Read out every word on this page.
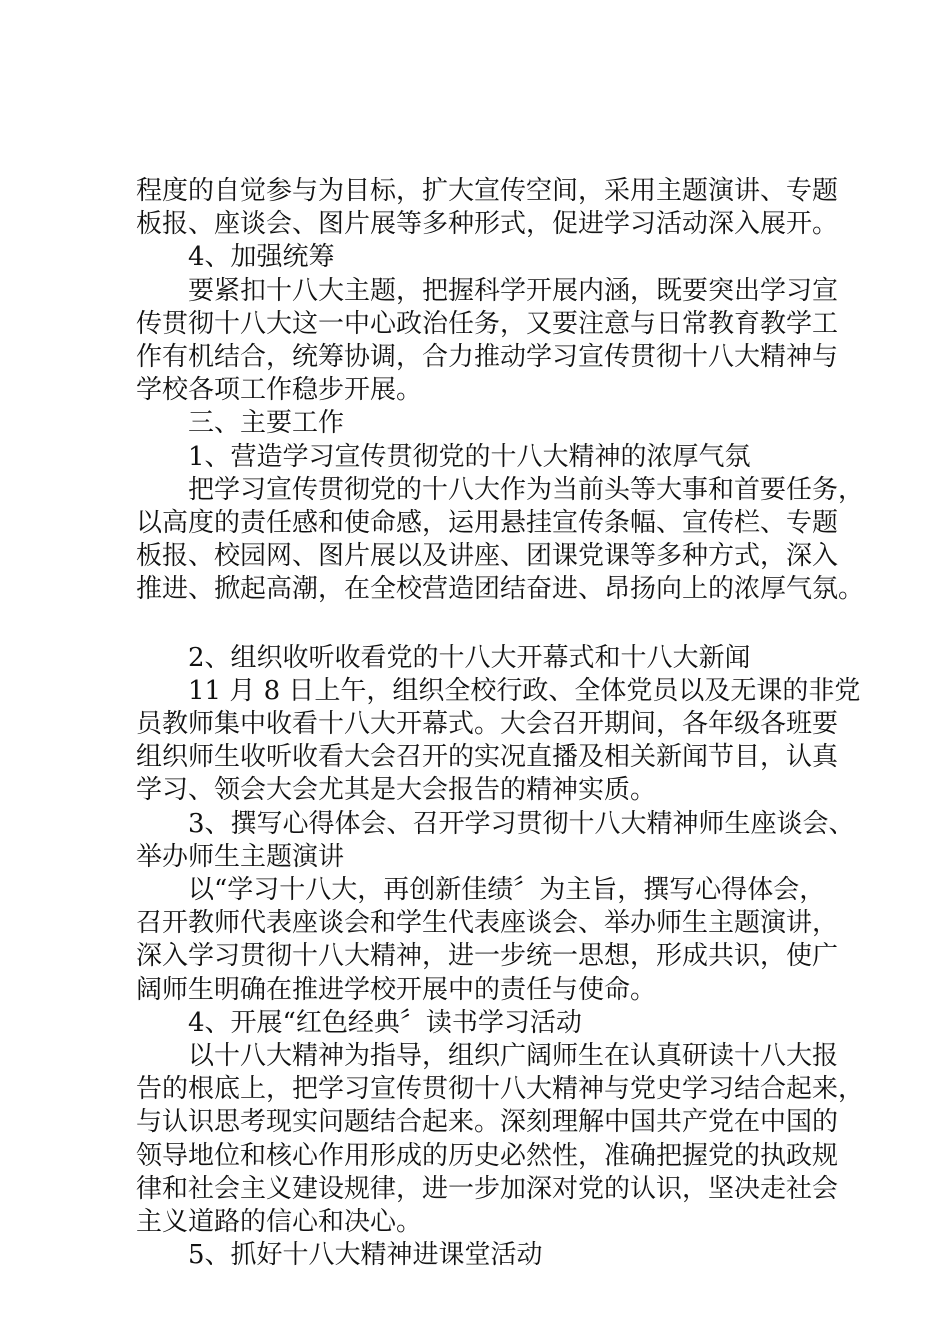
程度的自觉参与为目标，扩大宣传空间，采用主题演讲、专题
板报、座谈会、图片展等多种形式，促进学习活动深入展开。
4、加强统筹
要紧扣十八大主题，把握科学开展内涵，既要突出学习宣
传贯彻十八大这一中心政治任务，又要注意与日常教育教学工
作有机结合，统筹协调，合力推动学习宣传贯彻十八大精神与
学校各项工作稳步开展。
三、主要工作
1、营造学习宣传贯彻党的十八大精神的浓厚气氛
把学习宣传贯彻党的十八大作为当前头等大事和首要任务，
以高度的责任感和使命感，运用悬挂宣传条幅、宣传栏、专题
板报、校园网、图片展以及讲座、团课党课等多种方式，深入
推进、掀起高潮，在全校营造团结奋进、昂扬向上的浓厚气氛。
2、组织收听收看党的十八大开幕式和十八大新闻
11 月 8 日上午，组织全校行政、全体党员以及无课的非党
员教师集中收看十八大开幕式。大会召开期间，各年级各班要
组织师生收听收看大会召开的实况直播及相关新闻节目，认真
学习、领会大会尤其是大会报告的精神实质。
3、撰写心得体会、召开学习贯彻十八大精神师生座谈会、
举办师生主题演讲
以“学习十八大，再创新佳绩〞为主旨，撰写心得体会，
召开教师代表座谈会和学生代表座谈会、举办师生主题演讲，
深入学习贯彻十八大精神，进一步统一思想，形成共识，使广
阔师生明确在推进学校开展中的责任与使命。
4、开展“红色经典〞读书学习活动
以十八大精神为指导，组织广阔师生在认真研读十八大报
告的根底上，把学习宣传贯彻十八大精神与党史学习结合起来，
与认识思考现实问题结合起来。深刻理解中国共产党在中国的
领导地位和核心作用形成的历史必然性，准确把握党的执政规
律和社会主义建设规律，进一步加深对党的认识，坚决走社会
主义道路的信心和决心。
5、抓好十八大精神进课堂活动
